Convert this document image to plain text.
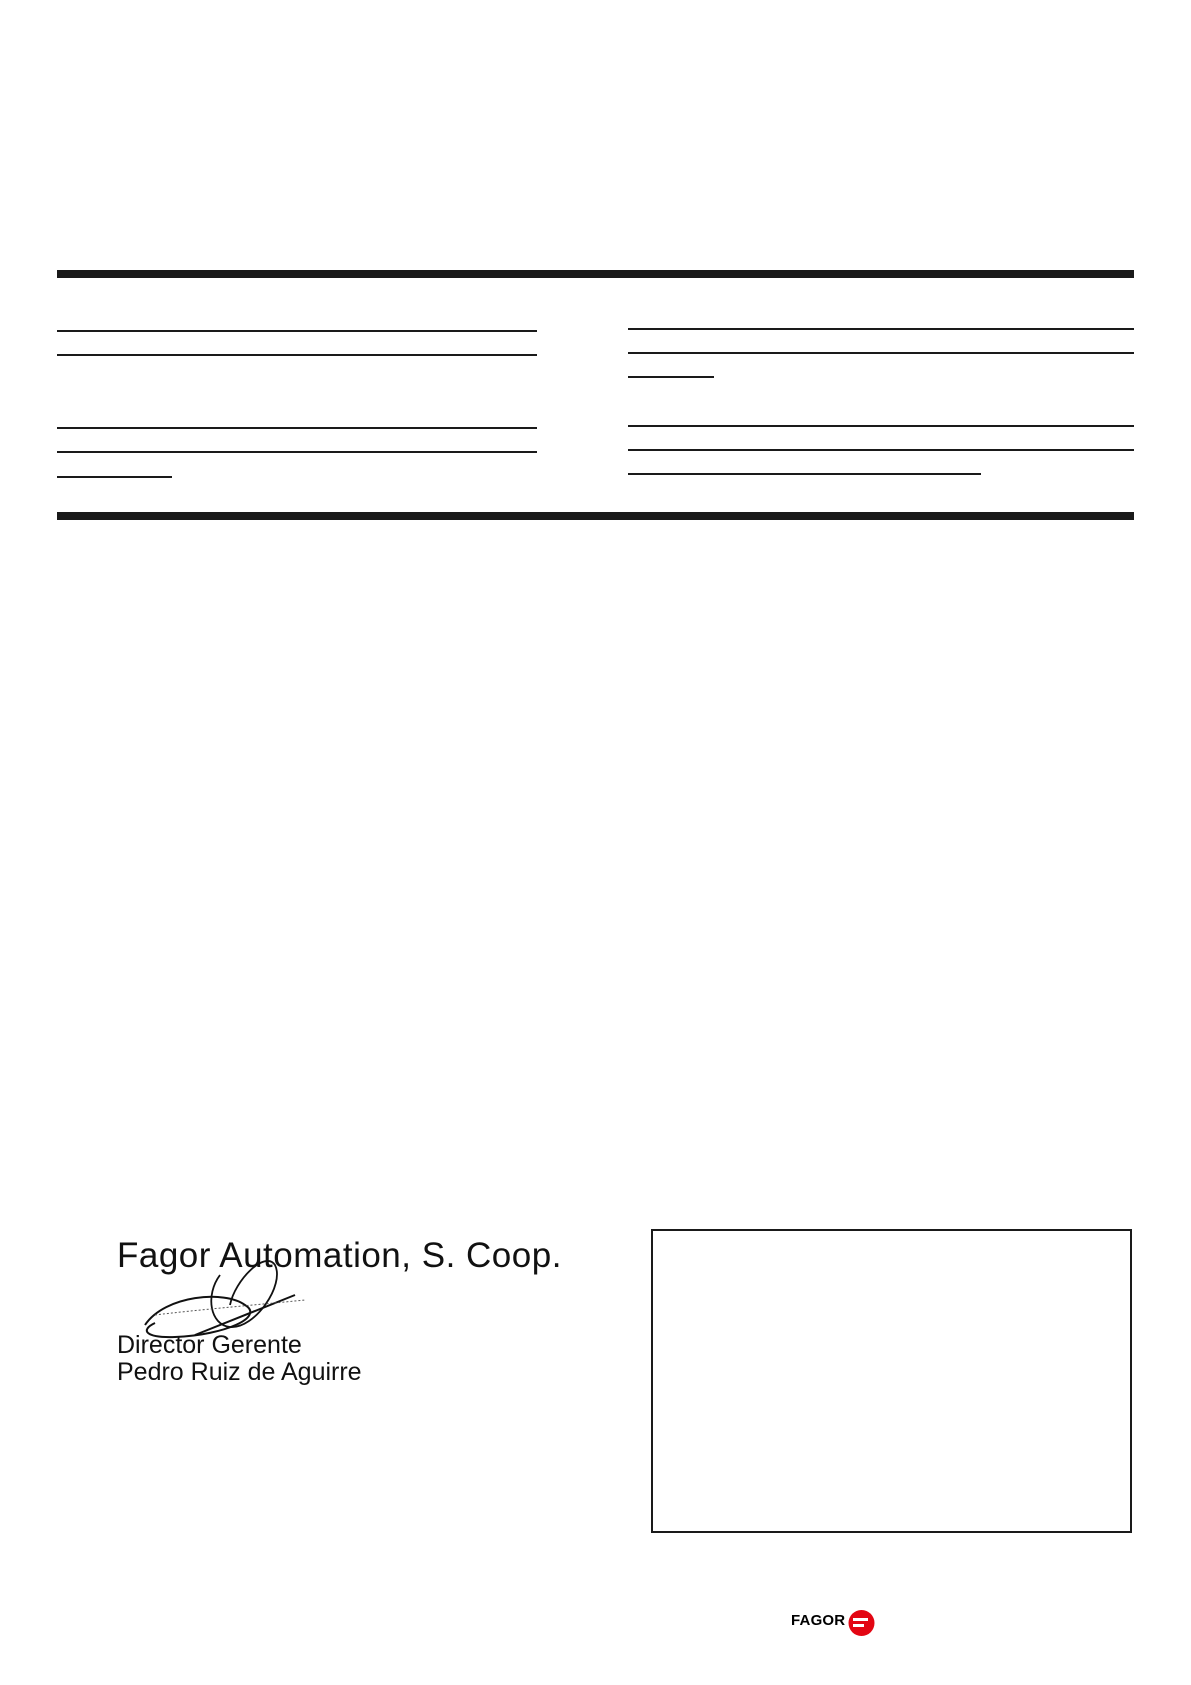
Fagor Automation, S. Coop.
Director Gerente
Pedro Ruiz de Aguirre
FAGOR
